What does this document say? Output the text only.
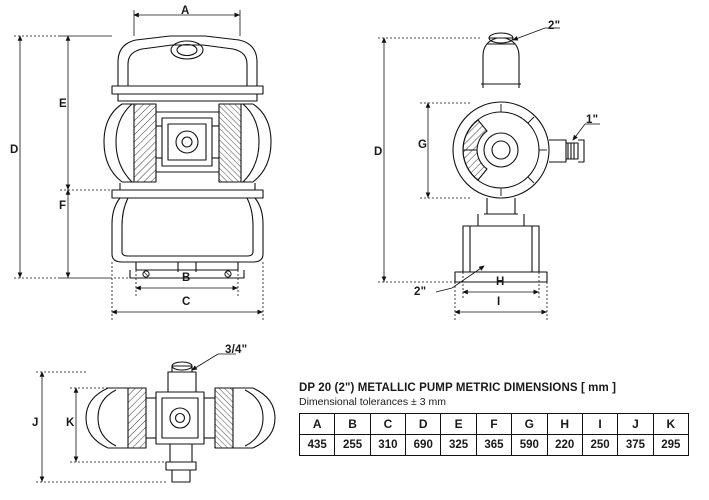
A
D
E
F
B
C
D
G
H
I
2"
1"
2"
J K
3/4"
DP 20 (2") METALLIC PUMP METRIC DIMENSIONS [ mm ]
Dimensional tolerances ± 3 mm
A	B	C	D	E	F	G	H	I	J	K
435	255	310	690	325	365	590	220	250	375	295
